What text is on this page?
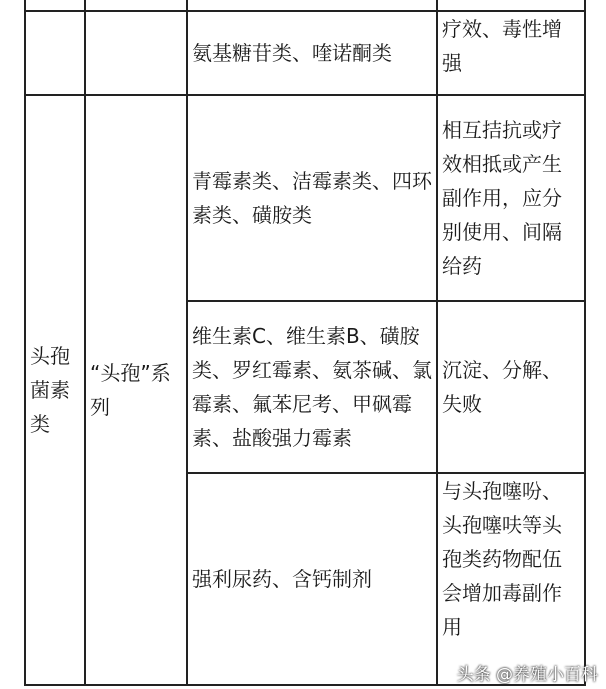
		氨基糖苷类、喹诺酮类	疗效、毒性增强
头孢菌素类	“头孢”系列	青霉素类、洁霉素类、四环素类、磺胺类	相互拮抗或疗效相抵或产生副作用，应分别使用、间隔给药
		维生素C、维生素B、磺胺类、罗红霉素、氨茶碱、氯霉素、氟苯尼考、甲砜霉素、盐酸强力霉素	沉淀、分解、失败
		强利尿药、含钙制剂	与头孢噻吩、头孢噻呋等头孢类药物配伍会增加毒副作用
头条 @养殖小百科
